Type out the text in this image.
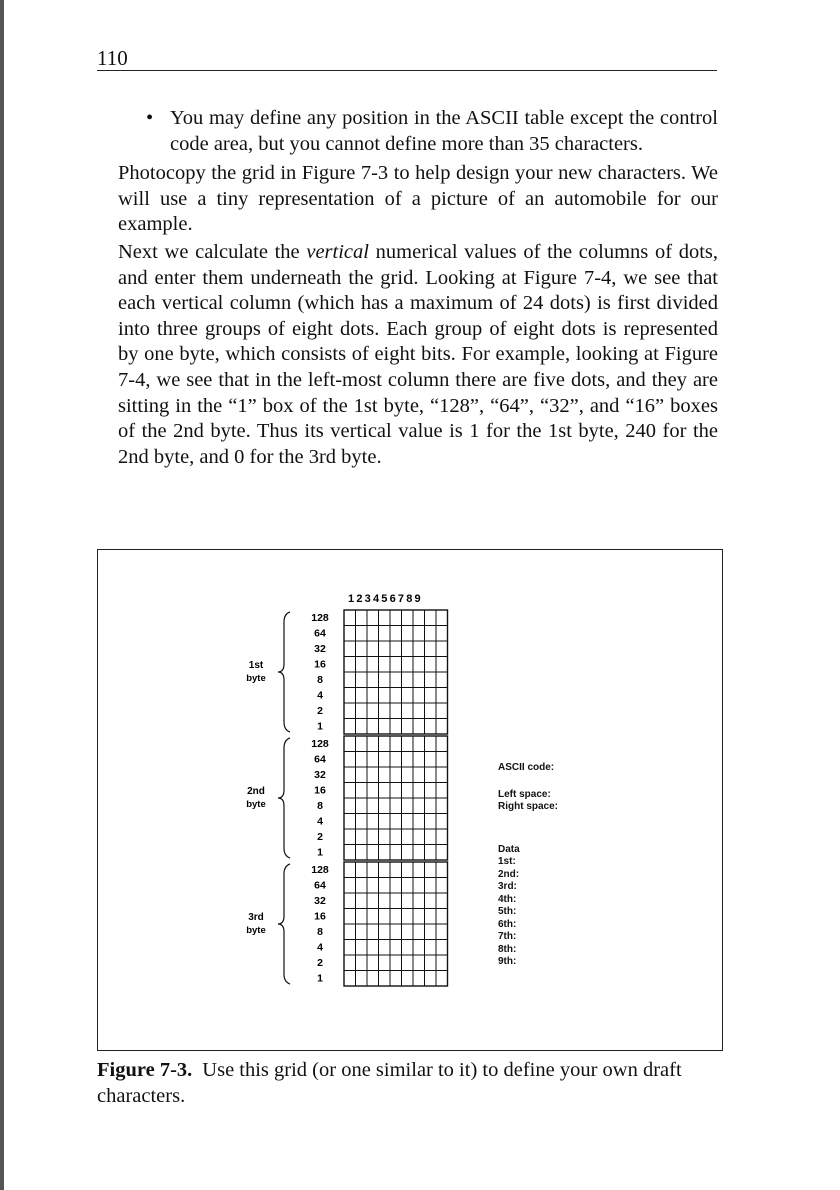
110
• You may define any position in the ASCII table except the control code area, but you cannot define more than 35 characters.

Photocopy the grid in Figure 7-3 to help design your new characters. We will use a tiny representation of a picture of an automobile for our example.

Next we calculate the vertical numerical values of the columns of dots, and enter them underneath the grid. Looking at Figure 7-4, we see that each vertical column (which has a maximum of 24 dots) is first divided into three groups of eight dots. Each group of eight dots is represented by one byte, which consists of eight bits. For example, looking at Figure 7-4, we see that in the left-most column there are five dots, and they are sitting in the “1” box of the 1st byte, “128”, “64”, “32”, and “16” boxes of the 2nd byte. Thus its vertical value is 1 for the 1st byte, 240 for the 2nd byte, and 0 for the 3rd byte.

123456789
128
64
32
16
8
4
2
1
128
64
32
16
8
4
2
1
128
64
32
16
8
4
2
1
1st
byte
2nd
byte
3rd
byte
ASCII code:
Left space:
Right space:
Data
1st:
2nd:
3rd:
4th:
5th:
6th:
7th:
8th:
9th:
Figure 7-3. Use this grid (or one similar to it) to define your own draft characters.
